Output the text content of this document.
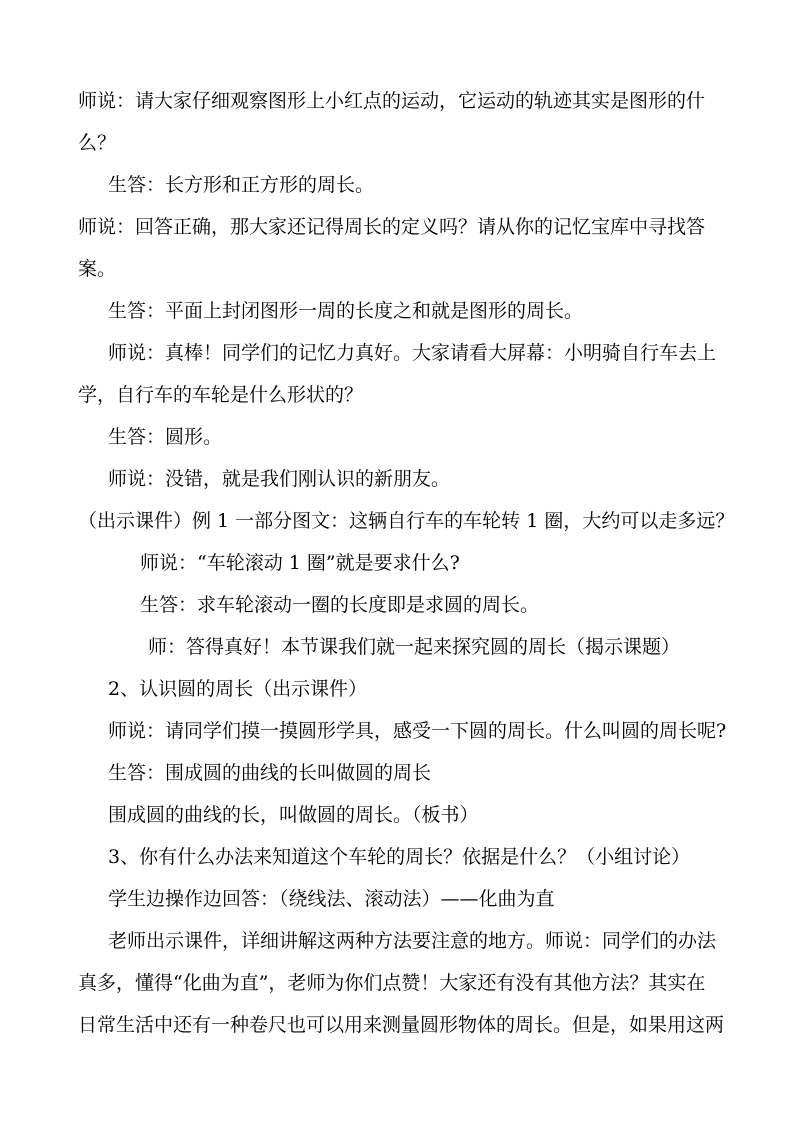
师说：请大家仔细观察图形上小红点的运动，它运动的轨迹其实是图形的什
么？
生答：长方形和正方形的周长。
师说：回答正确，那大家还记得周长的定义吗？请从你的记忆宝库中寻找答
案。
生答：平面上封闭图形一周的长度之和就是图形的周长。
师说：真棒！同学们的记忆力真好。大家请看大屏幕：小明骑自行车去上
学，自行车的车轮是什么形状的？
生答：圆形。
师说：没错，就是我们刚认识的新朋友。
（出示课件）例 1 一部分图文：这辆自行车的车轮转 1 圈，大约可以走多远？
师说：“车轮滚动 1 圈”就是要求什么?
生答：求车轮滚动一圈的长度即是求圆的周长。
师：答得真好！本节课我们就一起来探究圆的周长（揭示课题）
2、认识圆的周长（出示课件）
师说：请同学们摸一摸圆形学具，感受一下圆的周长。什么叫圆的周长呢?
生答：围成圆的曲线的长叫做圆的周长
围成圆的曲线的长，叫做圆的周长。（板书）
3、你有什么办法来知道这个车轮的周长？依据是什么？（小组讨论）
学生边操作边回答：（绕线法、滚动法）——化曲为直
老师出示课件，详细讲解这两种方法要注意的地方。师说：同学们的办法
真多，懂得“化曲为直”，老师为你们点赞！大家还有没有其他方法？其实在
日常生活中还有一种卷尺也可以用来测量圆形物体的周长。但是，如果用这两
